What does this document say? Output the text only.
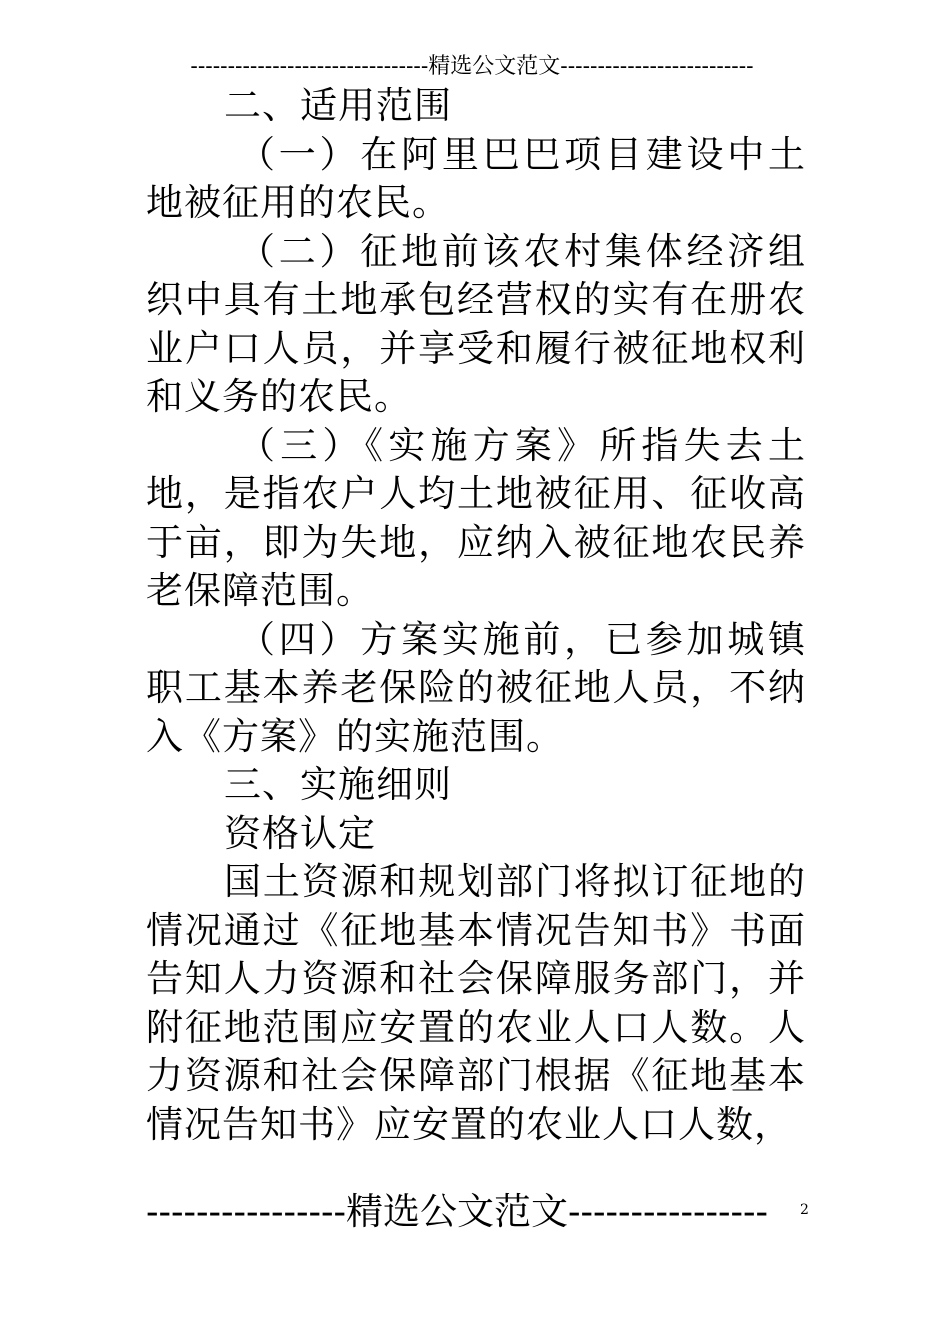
--------------------------------精选公文范文--------------------------

二、适用范围

（一）在阿里巴巴项目建设中土地被征用的农民。

（二）征地前该农村集体经济组织中具有土地承包经营权的实有在册农业户口人员，并享受和履行被征地权利和义务的农民。

（三）《实施方案》所指失去土地，是指农户人均土地被征用、征收高于亩，即为失地，应纳入被征地农民养老保障范围。

（四）方案实施前，已参加城镇职工基本养老保险的被征地人员，不纳入《方案》的实施范围。

三、实施细则

资格认定

国土资源和规划部门将拟订征地的情况通过《征地基本情况告知书》书面告知人力资源和社会保障服务部门，并附征地范围应安置的农业人口人数。人力资源和社会保障部门根据《征地基本情况告知书》应安置的农业人口人数，

----------------精选公文范文----------------	2
